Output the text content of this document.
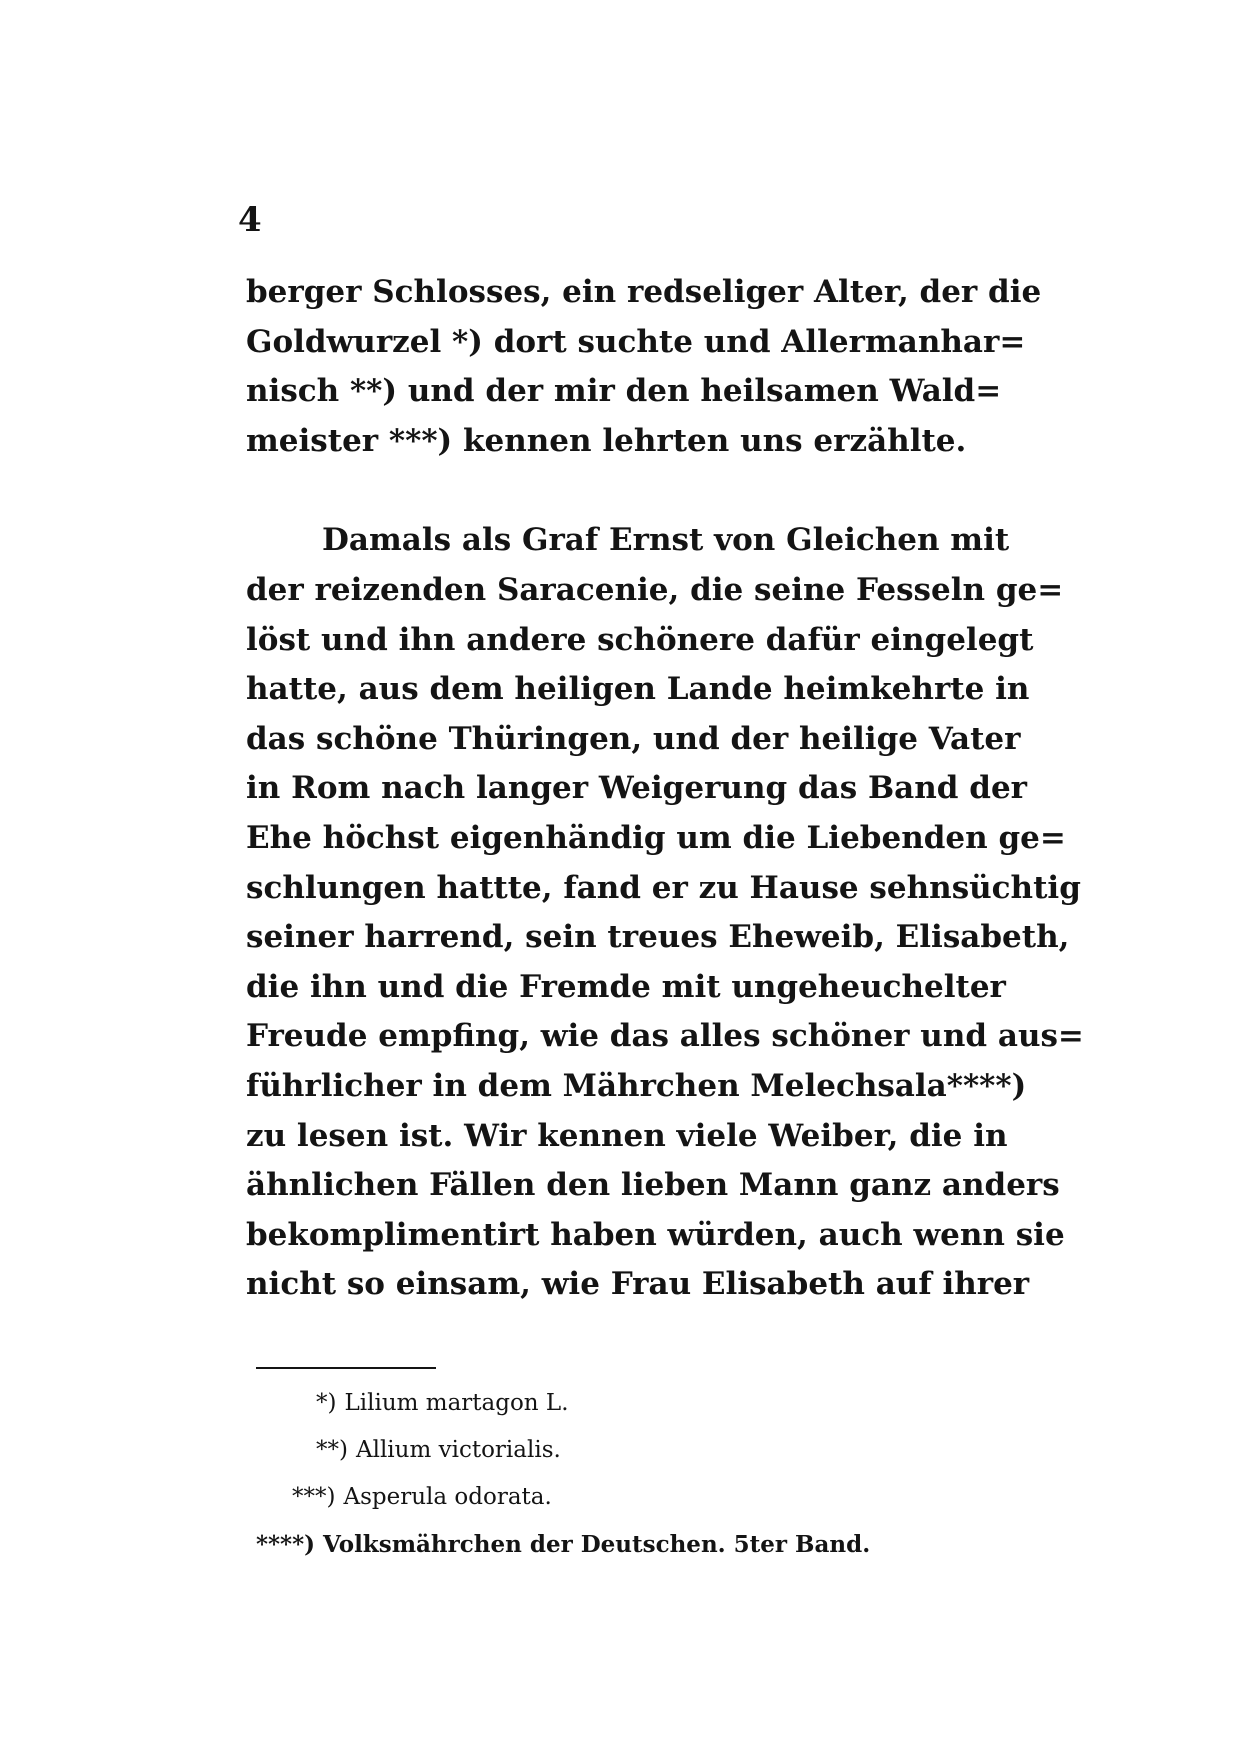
4
berger Schlosses, ein redseliger Alter, der die
Goldwurzel *) dort suchte und Allermanhar=
nisch **) und der mir den heilsamen Wald=
meister ***) kennen lehrten uns erzählte.
Damals als Graf Ernst von Gleichen mit
der reizenden Saracenie, die seine Fesseln ge=
löst und ihn andere schönere dafür eingelegt
hatte, aus dem heiligen Lande heimkehrte in
das schöne Thüringen, und der heilige Vater
in Rom nach langer Weigerung das Band der
Ehe höchst eigenhändig um die Liebenden ge=
schlungen hattte, fand er zu Hause sehnsüchtig
seiner harrend, sein treues Eheweib, Elisabeth,
die ihn und die Fremde mit ungeheuchelter
Freude empfing, wie das alles schöner und aus=
führlicher in dem Mährchen Melechsala****)
zu lesen ist. Wir kennen viele Weiber, die in
ähnlichen Fällen den lieben Mann ganz anders
bekomplimentirt haben würden, auch wenn sie
nicht so einsam, wie Frau Elisabeth auf ihrer
*) Lilium martagon L.
**) Allium victorialis.
***) Asperula odorata.
****) Volksmährchen der Deutschen. 5ter Band.
